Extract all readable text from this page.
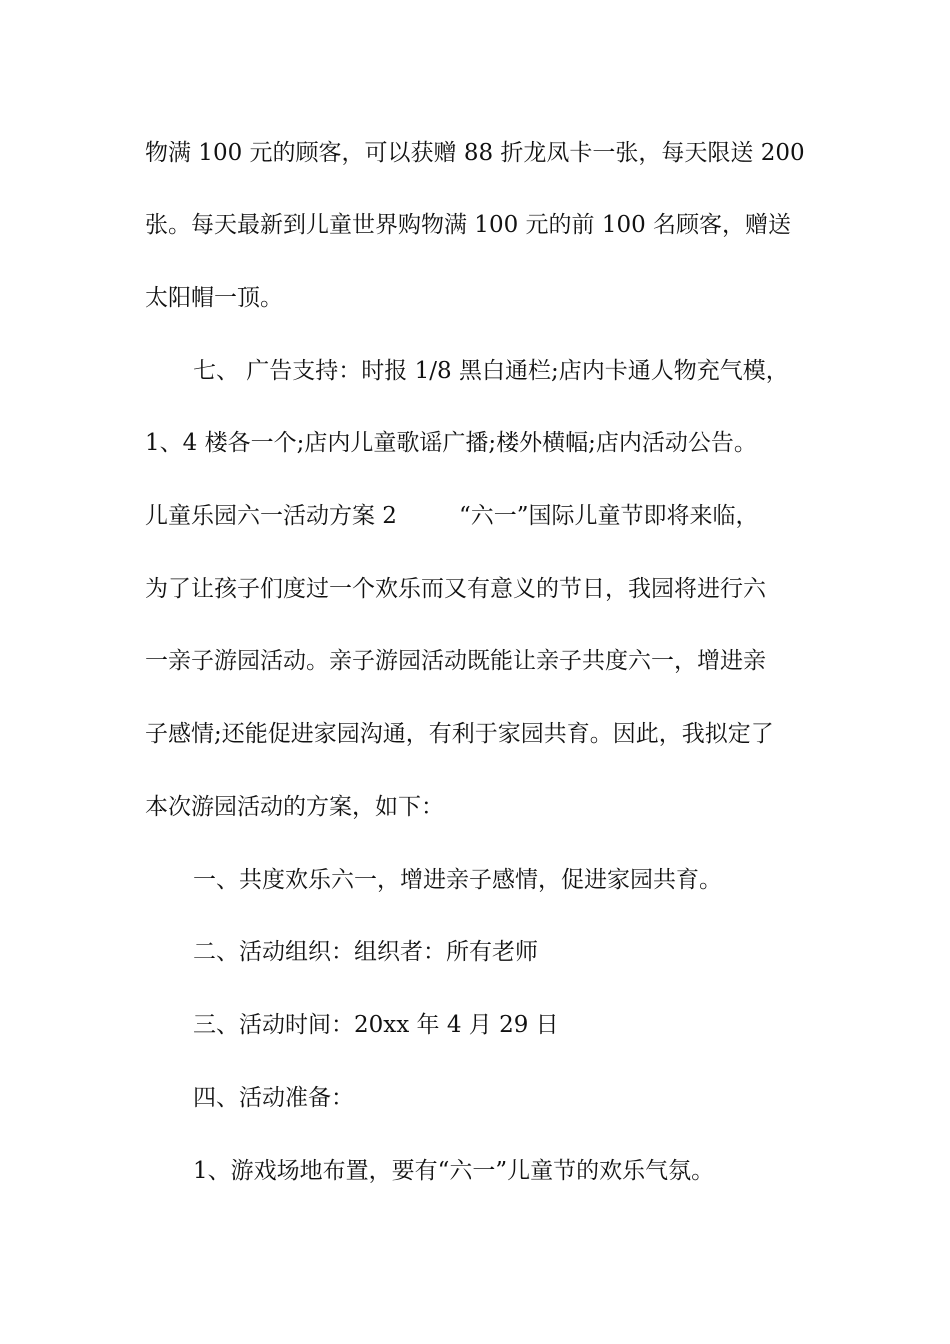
物满 100 元的顾客，可以获赠 88 折龙凤卡一张，每天限送 200
张。每天最新到儿童世界购物满 100 元的前 100 名顾客，赠送
太阳帽一顶。
七、 广告支持：时报 1/8 黑白通栏;店内卡通人物充气模，
1、4 楼各一个;店内儿童歌谣广播;楼外横幅;店内活动公告。
儿童乐园六一活动方案 2	“六一”国际儿童节即将来临，
为了让孩子们度过一个欢乐而又有意义的节日，我园将进行六
一亲子游园活动。亲子游园活动既能让亲子共度六一，增进亲
子感情;还能促进家园沟通，有利于家园共育。因此，我拟定了
本次游园活动的方案，如下：
一、共度欢乐六一，增进亲子感情，促进家园共育。
二、活动组织：组织者：所有老师
三、活动时间：20xx 年 4 月 29 日
四、活动准备：
1、游戏场地布置，要有“六一”儿童节的欢乐气氛。
